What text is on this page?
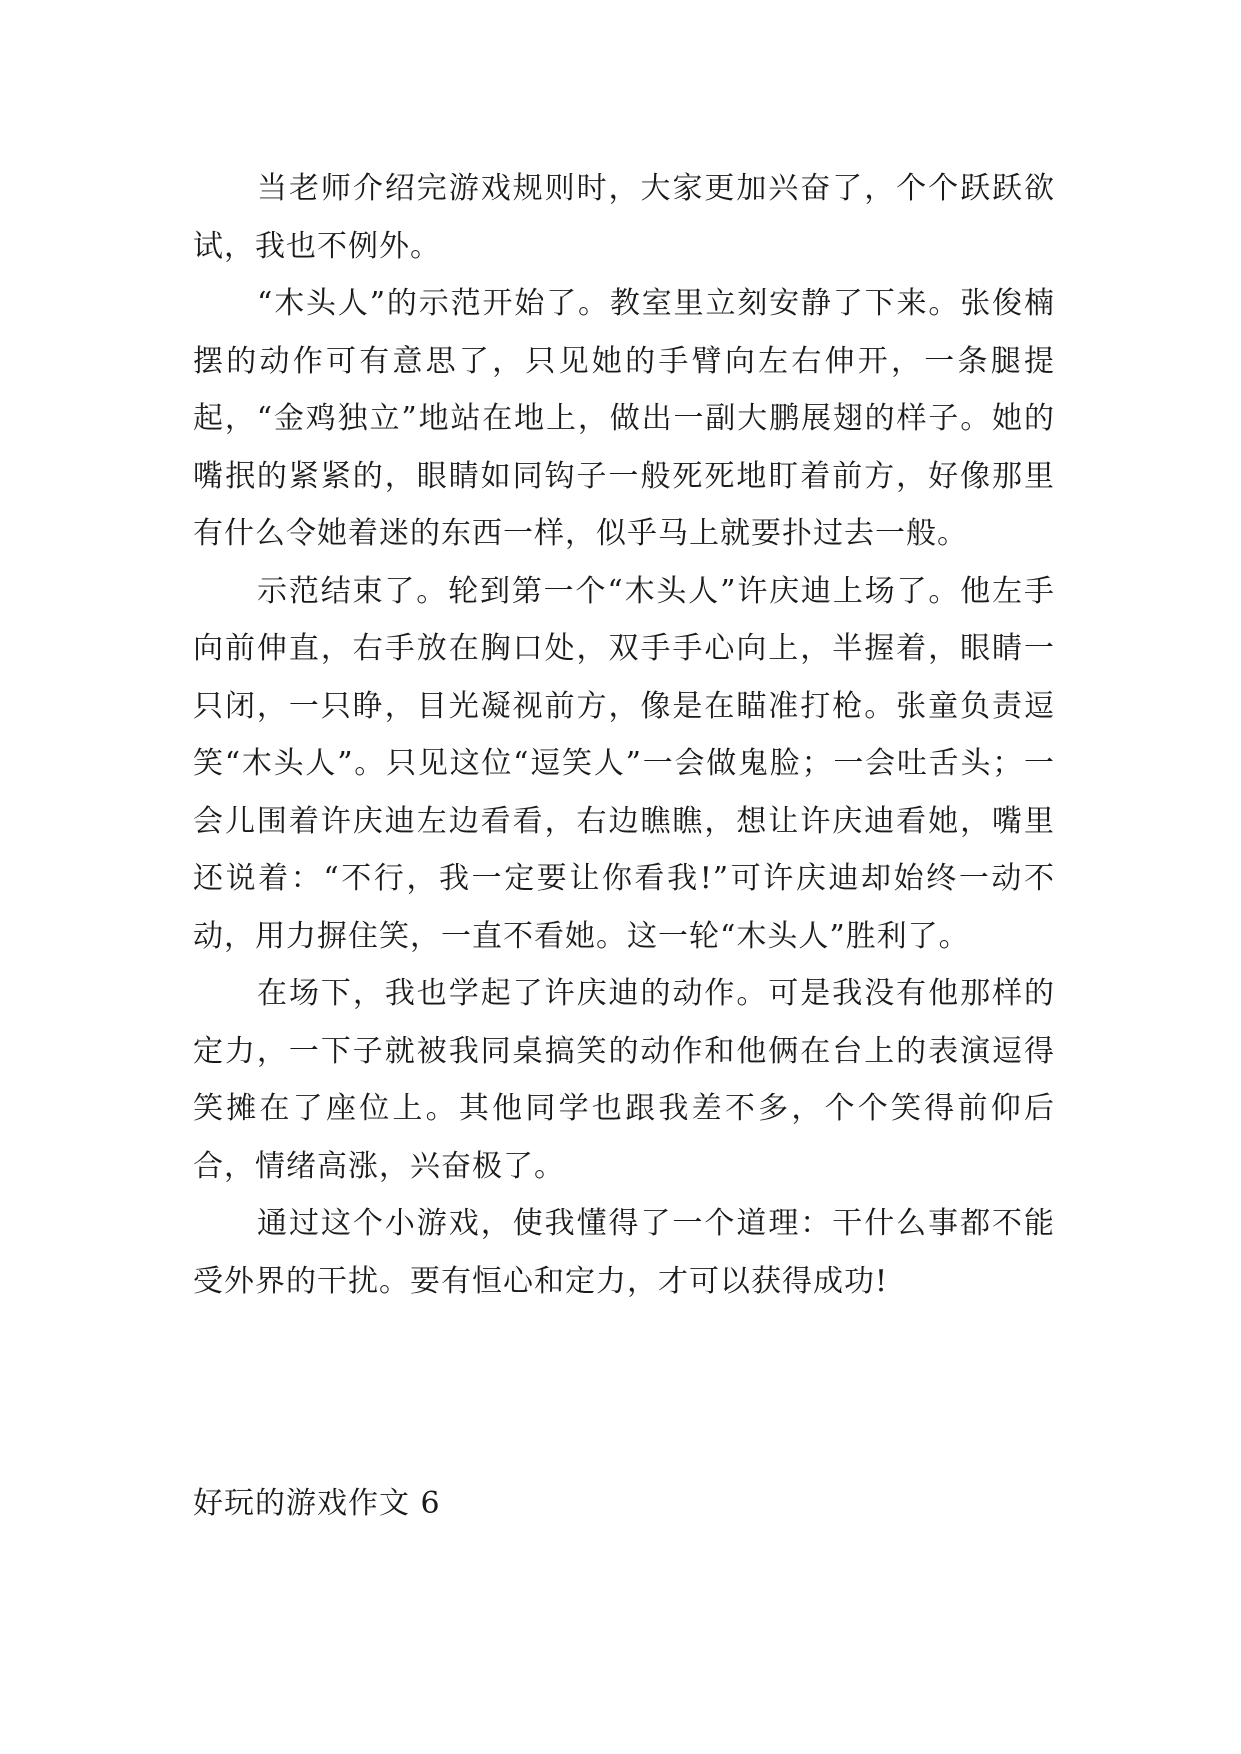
当老师介绍完游戏规则时，大家更加兴奋了，个个跃跃欲试，我也不例外。

“木头人”的示范开始了。教室里立刻安静了下来。张俊楠摆的动作可有意思了，只见她的手臂向左右伸开，一条腿提起，“金鸡独立”地站在地上，做出一副大鹏展翅的样子。她的嘴抿的紧紧的，眼睛如同钩子一般死死地盯着前方，好像那里有什么令她着迷的东西一样，似乎马上就要扑过去一般。

示范结束了。轮到第一个“木头人”许庆迪上场了。他左手向前伸直，右手放在胸口处，双手手心向上，半握着，眼睛一只闭，一只睁，目光凝视前方，像是在瞄准打枪。张童负责逗笑“木头人”。只见这位“逗笑人”一会做鬼脸；一会吐舌头；一会儿围着许庆迪左边看看，右边瞧瞧，想让许庆迪看她，嘴里还说着：“不行，我一定要让你看我!”可许庆迪却始终一动不动，用力摒住笑，一直不看她。这一轮“木头人”胜利了。

在场下，我也学起了许庆迪的动作。可是我没有他那样的定力，一下子就被我同桌搞笑的动作和他俩在台上的表演逗得笑摊在了座位上。其他同学也跟我差不多，个个笑得前仰后合，情绪高涨，兴奋极了。

通过这个小游戏，使我懂得了一个道理：干什么事都不能受外界的干扰。要有恒心和定力，才可以获得成功!

好玩的游戏作文 6
